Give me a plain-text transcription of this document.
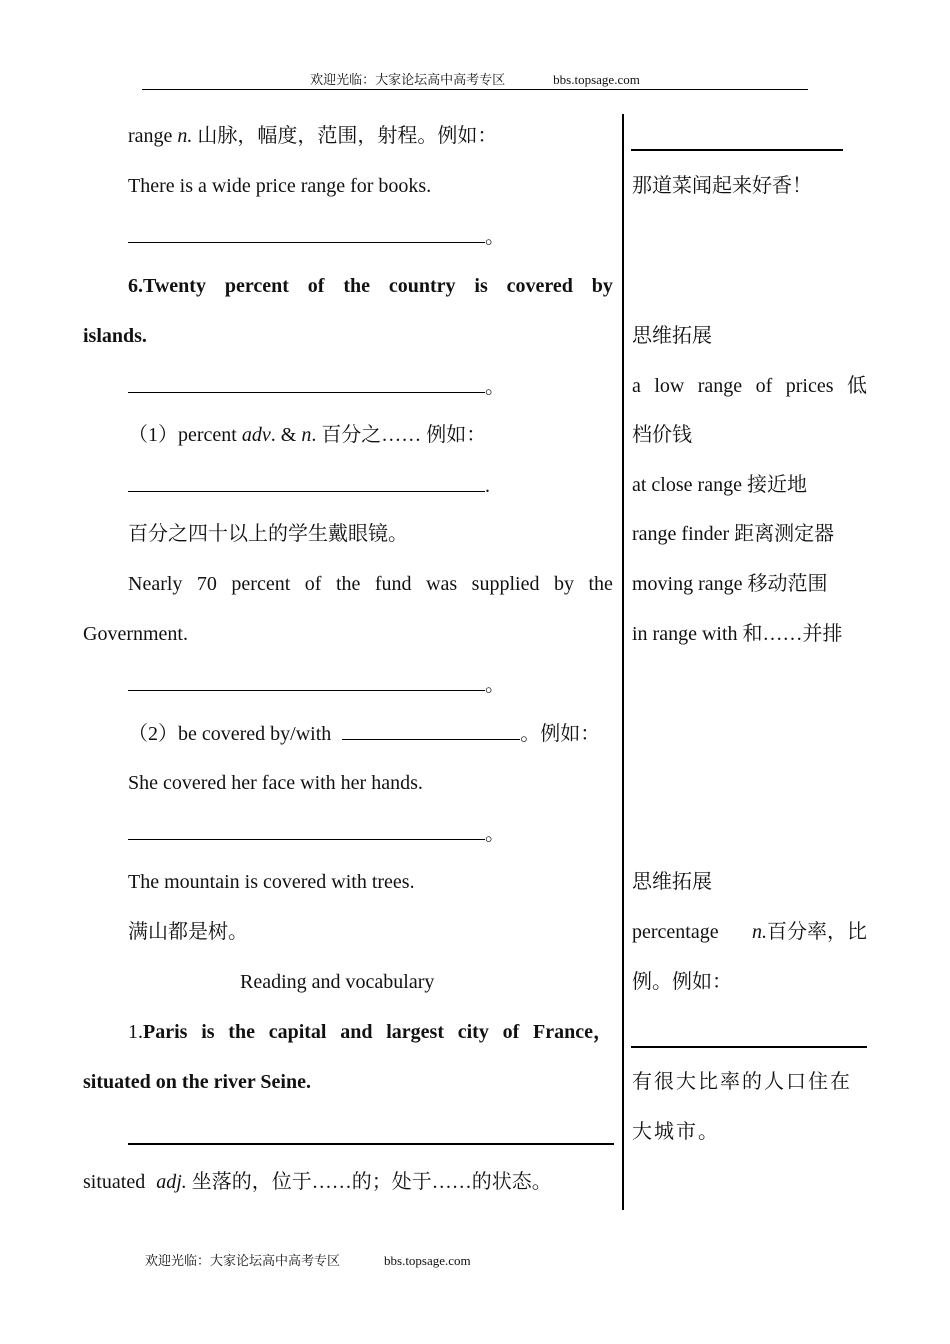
欢迎光临：大家论坛高中高考专区	bbs.topsage.com
range n. 山脉，幅度，范围，射程。例如：
There is a wide price range for books.
。
6.Twenty percent of the country is covered by
islands.
。
（1）percent adv. & n. 百分之…… 例如：
.
百分之四十以上的学生戴眼镜。
Nearly 70 percent of the fund was supplied by the
Government.
。
（2）be covered by/with	。例如：
She covered her face with her hands.
。
The mountain is covered with trees.
满山都是树。
Reading and vocabulary
1.Paris is the capital and largest city of France，
situated on the river Seine.
situated adj. 坐落的，位于……的；处于……的状态。
那道菜闻起来好香！
思维拓展
a low range of prices 低
档价钱
at close range 接近地
range finder 距离测定器
moving range 移动范围
in range with 和……并排
思维拓展
percentage n.百分率，比
例。例如：
有很大比率的人口住在
大城市。
欢迎光临：大家论坛高中高考专区	bbs.topsage.com
